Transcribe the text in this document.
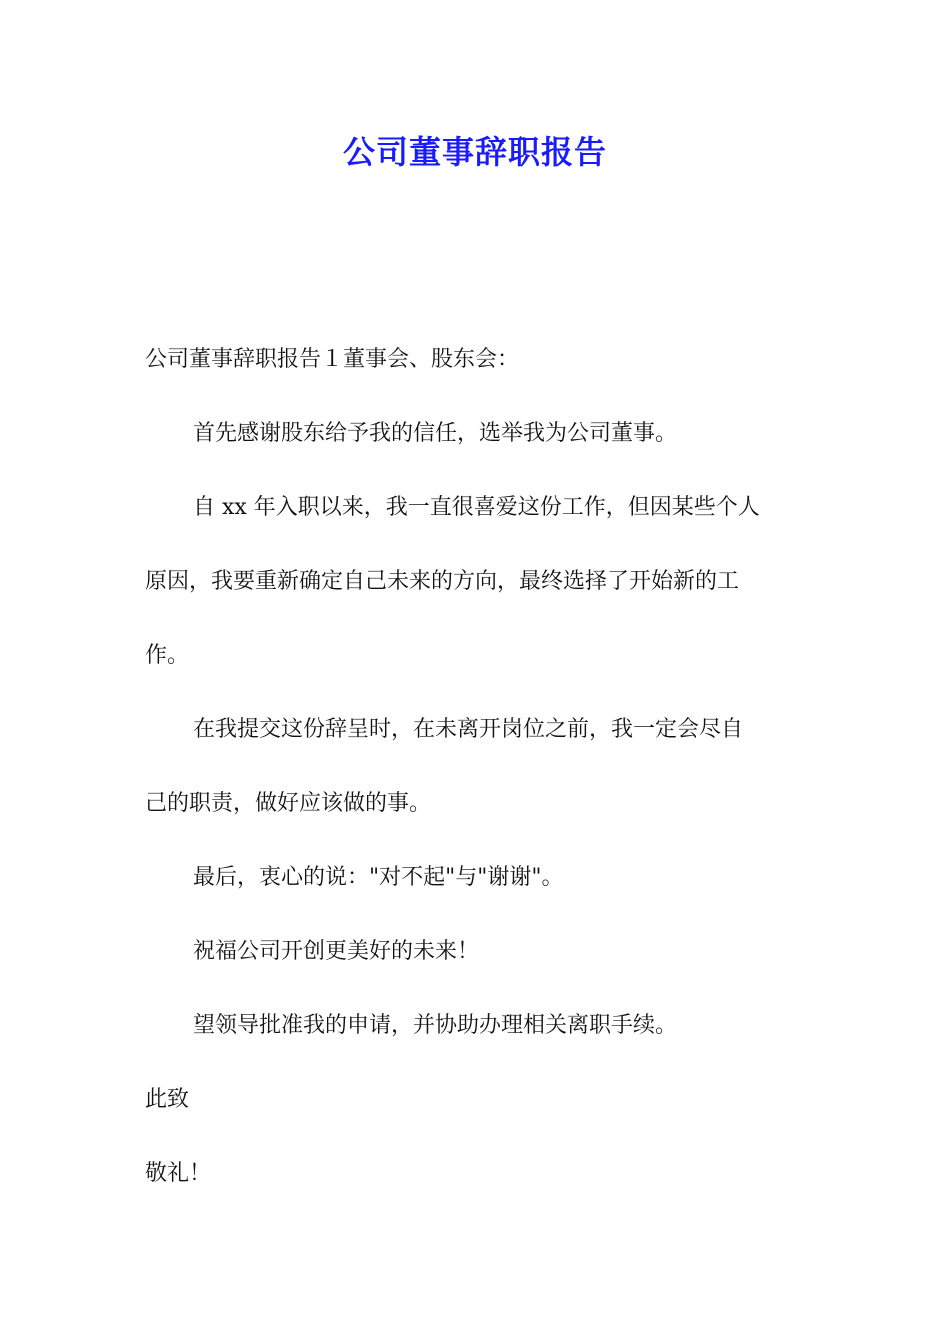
公司董事辞职报告
公司董事辞职报告１董事会、股东会：
首先感谢股东给予我的信任，选举我为公司董事。
自 xx 年入职以来，我一直很喜爱这份工作，但因某些个人
原因，我要重新确定自己未来的方向，最终选择了开始新的工
作。
在我提交这份辞呈时，在未离开岗位之前，我一定会尽自
己的职责，做好应该做的事。
最后，衷心的说："对不起"与"谢谢"。
祝福公司开创更美好的未来！
望领导批准我的申请，并协助办理相关离职手续。
此致
敬礼！
